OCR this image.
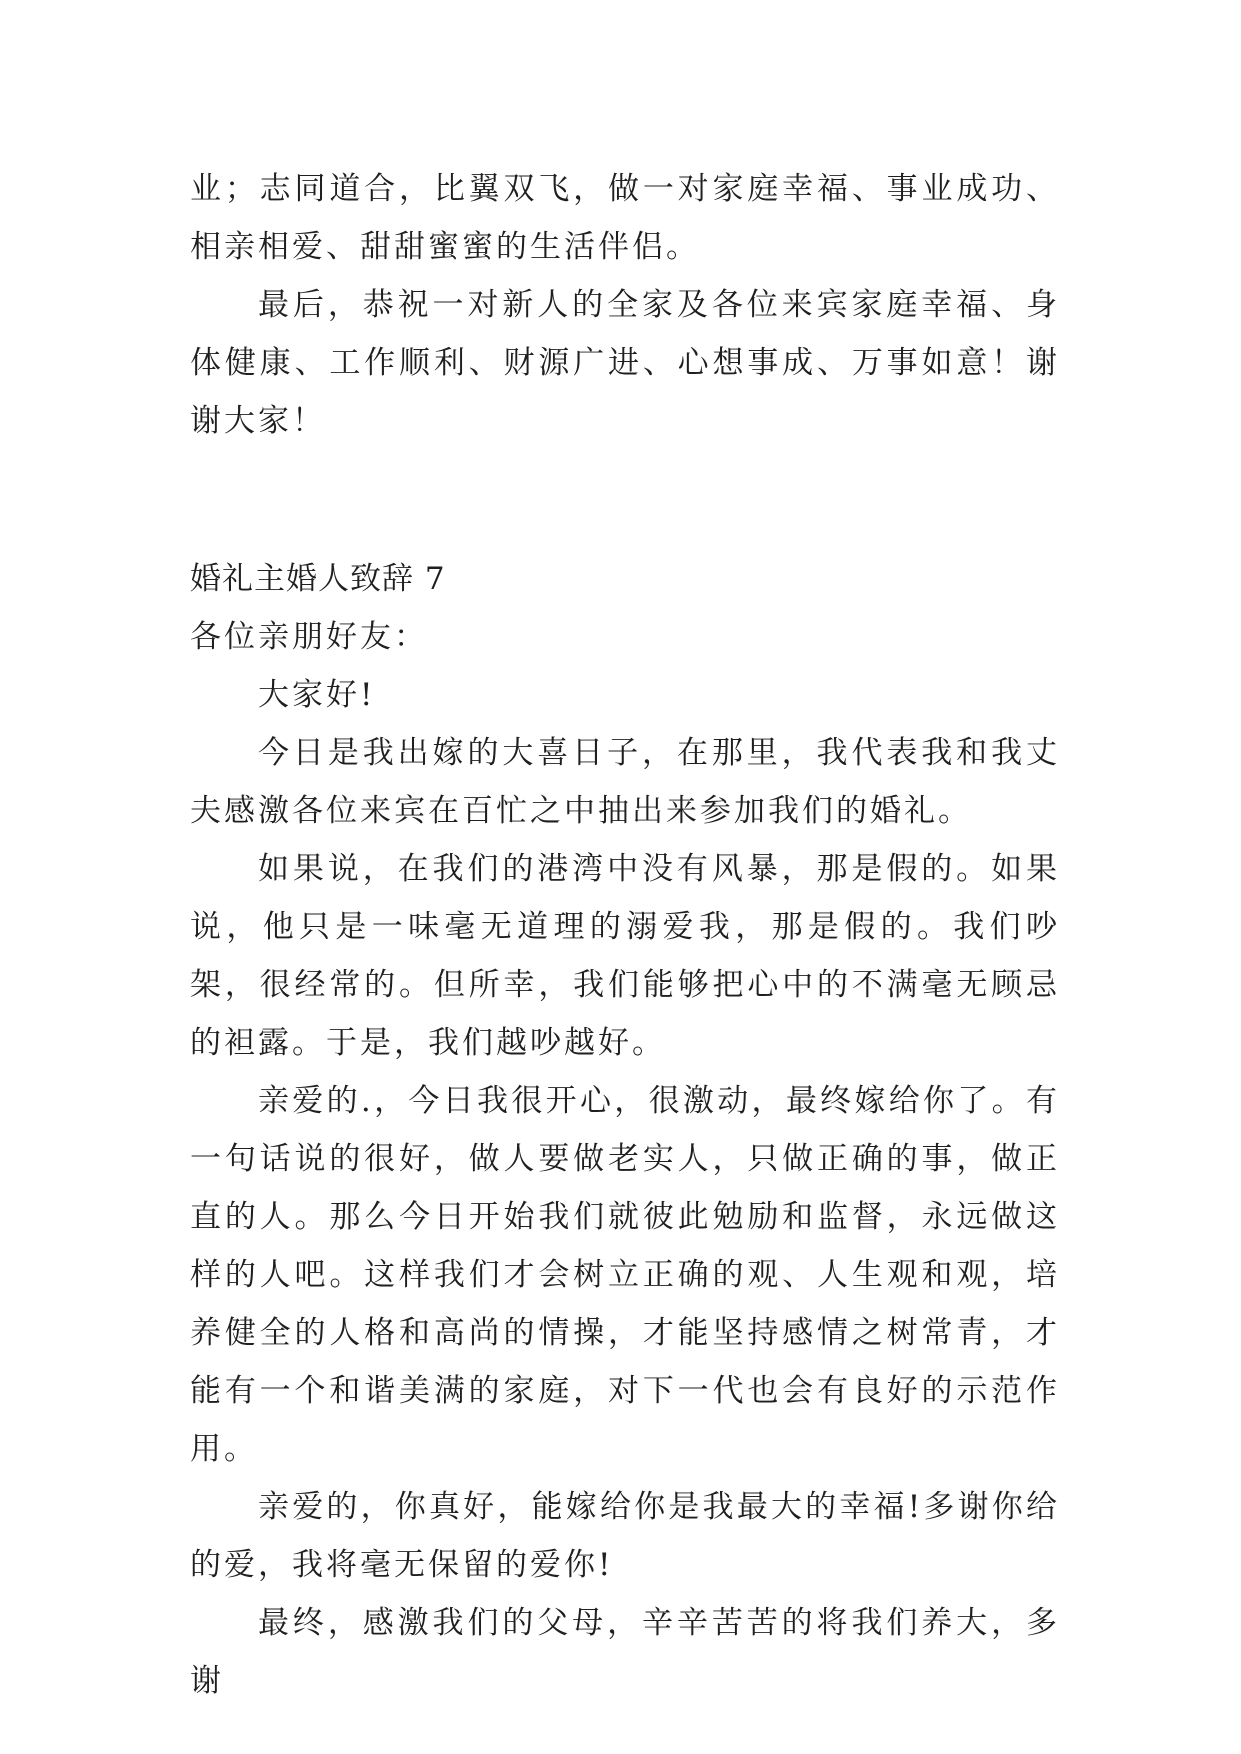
业；志同道合，比翼双飞，做一对家庭幸福、事业成功、相亲相爱、甜甜蜜蜜的生活伴侣。

最后，恭祝一对新人的全家及各位来宾家庭幸福、身体健康、工作顺利、财源广进、心想事成、万事如意！谢谢大家！

婚礼主婚人致辞 7

各位亲朋好友：

大家好!

今日是我出嫁的大喜日子，在那里，我代表我和我丈夫感激各位来宾在百忙之中抽出来参加我们的婚礼。

如果说，在我们的港湾中没有风暴，那是假的。如果说，他只是一味毫无道理的溺爱我，那是假的。我们吵架，很经常的。但所幸，我们能够把心中的不满毫无顾忌的袒露。于是，我们越吵越好。

亲爱的.，今日我很开心，很激动，最终嫁给你了。有一句话说的很好，做人要做老实人，只做正确的事，做正直的人。那么今日开始我们就彼此勉励和监督，永远做这样的人吧。这样我们才会树立正确的观、人生观和观，培养健全的人格和高尚的情操，才能坚持感情之树常青，才能有一个和谐美满的家庭，对下一代也会有良好的示范作用。

亲爱的，你真好，能嫁给你是我最大的幸福!多谢你给的爱，我将毫无保留的爱你!

最终，感激我们的父母，辛辛苦苦的将我们养大，多谢
